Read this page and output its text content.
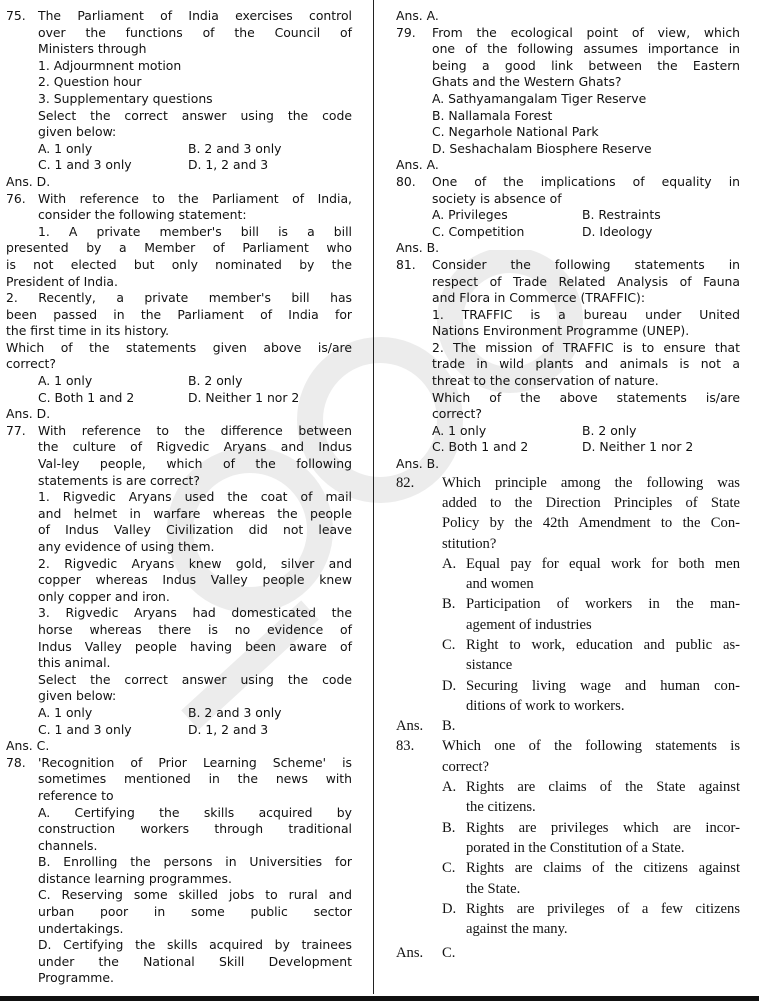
75. The Parliament of India exercises control
over the functions of the Council of
Ministers through
1. Adjourmnent motion
2. Question hour
3. Supplementary questions
Select the correct answer using the code
given below:
A. 1 only	B. 2 and 3 only
C. 1 and 3 only	D. 1, 2 and 3
Ans. D.
76. With reference to the Parliament of India,
consider the following statement:
1. A private member's bill is a bill
presented by a Member of Parliament who
is not elected but only nominated by the
President of India.
2. Recently, a private member's bill has
been passed in the Parliament of India for
the first time in its history.
Which of the statements given above is/are
correct?
A. 1 only	B. 2 only
C. Both 1 and 2	D. Neither 1 nor 2
Ans. D.
77. With reference to the difference between
the culture of Rigvedic Aryans and Indus
Val-ley people, which of the following
statements is are correct?
1. Rigvedic Aryans used the coat of mail
and helmet in warfare whereas the people
of Indus Valley Civilization did not leave
any evidence of using them.
2. Rigvedic Aryans knew gold, silver and
copper whereas Indus Valley people knew
only copper and iron.
3. Rigvedic Aryans had domesticated the
horse whereas there is no evidence of
Indus Valley people having been aware of
this animal.
Select the correct answer using the code
given below:
A. 1 only	B. 2 and 3 only
C. 1 and 3 only	D. 1, 2 and 3
Ans. C.
78. 'Recognition of Prior Learning Scheme' is
sometimes mentioned in the news with
reference to
A. Certifying the skills acquired by
construction workers through traditional
channels.
B. Enrolling the persons in Universities for
distance learning programmes.
C. Reserving some skilled jobs to rural and
urban poor in some public sector
undertakings.
D. Certifying the skills acquired by trainees
under the National Skill Development
Programme.
Ans. A.
79.	From the ecological point of view, which
one of the following assumes importance in
being a good link between the Eastern
Ghats and the Western Ghats?
A. Sathyamangalam Tiger Reserve
B. Nallamala Forest
C. Negarhole National Park
D. Seshachalam Biosphere Reserve
Ans. A.
80.	One of the implications of equality in
society is absence of
A. Privileges	B. Restraints
C. Competition	D. Ideology
Ans. B.
81.	Consider the following statements in
respect of Trade Related Analysis of Fauna
and Flora in Commerce (TRAFFIC):
1. TRAFFIC is a bureau under United
Nations Environment Programme (UNEP).
2. The mission of TRAFFIC is to ensure that
trade in wild plants and animals is not a
threat to the conservation of nature.
Which of the above statements is/are
correct?
A. 1 only	B. 2 only
C. Both 1 and 2	D. Neither 1 nor 2
Ans. B.
82.	Which principle among the following was
added to the Direction Principles of State
Policy by the 42th Amendment to the Con-
stitution?
A. Equal pay for equal work for both men
and women
B. Participation of workers in the man-
agement of industries
C. Right to work, education and public as-
sistance
D. Securing living wage and human con-
ditions of work to workers.
Ans.	B.
83.	Which one of the following statements is
correct?
A. Rights are claims of the State against
the citizens.
B. Rights are privileges which are incor-
porated in the Constitution of a State.
C. Rights are claims of the citizens against
the State.
D. Rights are privileges of a few citizens
against the many.
Ans.	C.
